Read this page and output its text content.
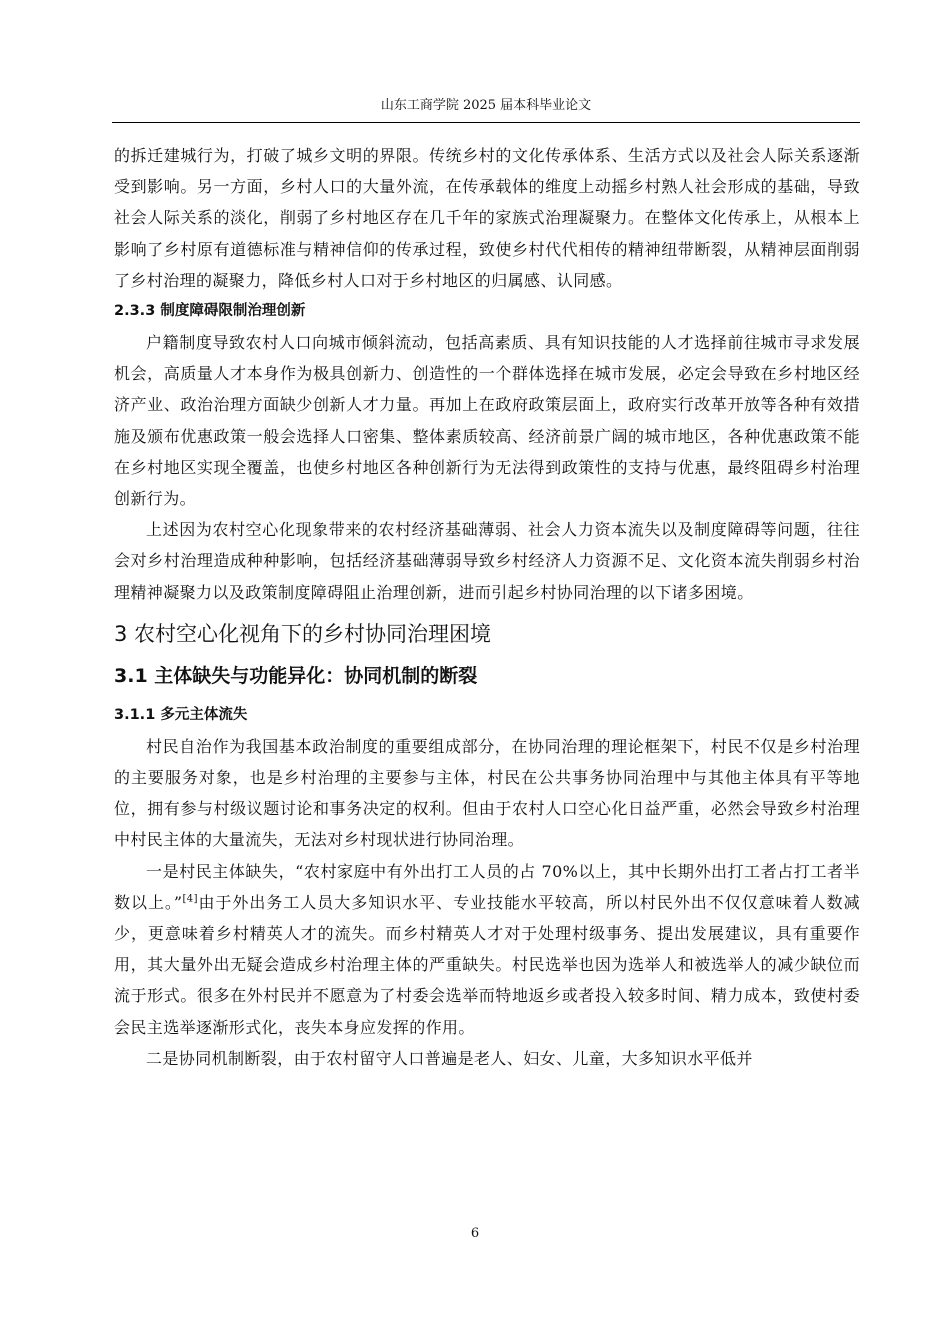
山东工商学院 2025 届本科毕业论文

的拆迁建城行为，打破了城乡文明的界限。传统乡村的文化传承体系、生活方式以及社会人际关系逐渐受到影响。另一方面，乡村人口的大量外流，在传承载体的维度上动摇乡村熟人社会形成的基础，导致社会人际关系的淡化，削弱了乡村地区存在几千年的家族式治理凝聚力。在整体文化传承上，从根本上影响了乡村原有道德标准与精神信仰的传承过程，致使乡村代代相传的精神纽带断裂，从精神层面削弱了乡村治理的凝聚力，降低乡村人口对于乡村地区的归属感、认同感。

2.3.3 制度障碍限制治理创新

户籍制度导致农村人口向城市倾斜流动，包括高素质、具有知识技能的人才选择前往城市寻求发展机会，高质量人才本身作为极具创新力、创造性的一个群体选择在城市发展，必定会导致在乡村地区经济产业、政治治理方面缺少创新人才力量。再加上在政府政策层面上，政府实行改革开放等各种有效措施及颁布优惠政策一般会选择人口密集、整体素质较高、经济前景广阔的城市地区，各种优惠政策不能在乡村地区实现全覆盖，也使乡村地区各种创新行为无法得到政策性的支持与优惠，最终阻碍乡村治理创新行为。

上述因为农村空心化现象带来的农村经济基础薄弱、社会人力资本流失以及制度障碍等问题，往往会对乡村治理造成种种影响，包括经济基础薄弱导致乡村经济人力资源不足、文化资本流失削弱乡村治理精神凝聚力以及政策制度障碍阻止治理创新，进而引起乡村协同治理的以下诸多困境。

3 农村空心化视角下的乡村协同治理困境
3.1 主体缺失与功能异化：协同机制的断裂
3.1.1 多元主体流失

村民自治作为我国基本政治制度的重要组成部分，在协同治理的理论框架下，村民不仅是乡村治理的主要服务对象，也是乡村治理的主要参与主体，村民在公共事务协同治理中与其他主体具有平等地位，拥有参与村级议题讨论和事务决定的权利。但由于农村人口空心化日益严重，必然会导致乡村治理中村民主体的大量流失，无法对乡村现状进行协同治理。

一是村民主体缺失，“农村家庭中有外出打工人员的占 70%以上，其中长期外出打工者占打工者半数以上。”[4]由于外出务工人员大多知识水平、专业技能水平较高，所以村民外出不仅仅意味着人数减少，更意味着乡村精英人才的流失。而乡村精英人才对于处理村级事务、提出发展建议，具有重要作用，其大量外出无疑会造成乡村治理主体的严重缺失。村民选举也因为选举人和被选举人的减少缺位而流于形式。很多在外村民并不愿意为了村委会选举而特地返乡或者投入较多时间、精力成本，致使村委会民主选举逐渐形式化，丧失本身应发挥的作用。

二是协同机制断裂，由于农村留守人口普遍是老人、妇女、儿童，大多知识水平低并

6
